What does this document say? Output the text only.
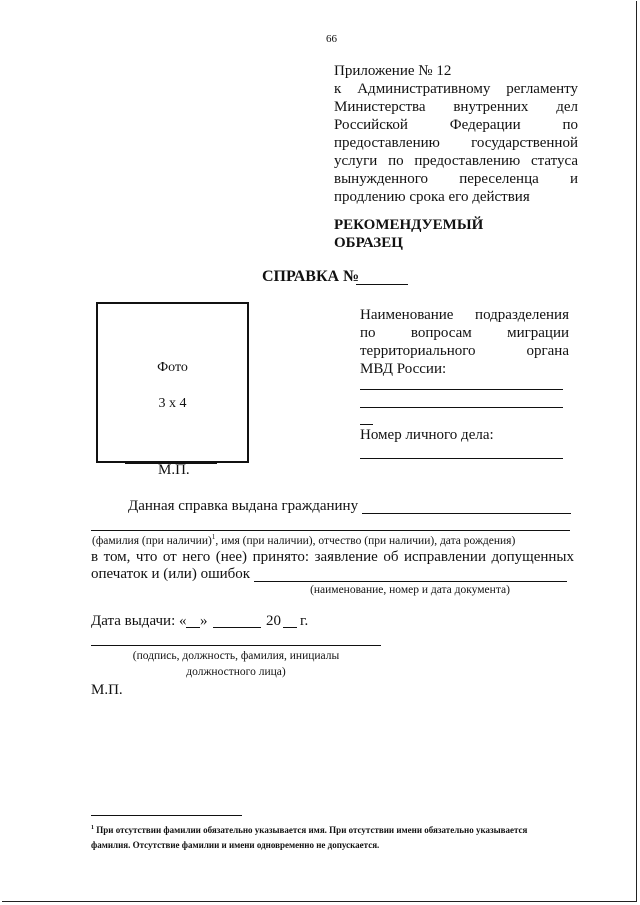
66
Приложение № 12
к Административному регламенту
Министерства внутренних дел
Российской Федерации по
предоставлению государственной
услуги по предоставлению статуса
вынужденного переселенца и
продлению срока его действия
РЕКОМЕНДУЕМЫЙ
ОБРАЗЕЦ
СПРАВКА №
Фото
3 х 4
М.П.
Наименование подразделения
по вопросам миграции
территориального органа
МВД России:
Номер личного дела:
Данная справка выдана гражданину
(фамилия (при наличии)$^1$, имя (при наличии), отчество (при наличии), дата рождения)
в том, что от него (нее) принято: заявление об исправлении допущенных
опечаток и (или) ошибок
(наименование, номер и дата документа)
Дата выдачи: « »	20 г.
(подпись, должность, фамилия, инициалы
должностного лица)
М.П.
$^1$ При отсутствии фамилии обязательно указывается имя. При отсутствии имени обязательно указывается
фамилия. Отсутствие фамилии и имени одновременно не допускается.
